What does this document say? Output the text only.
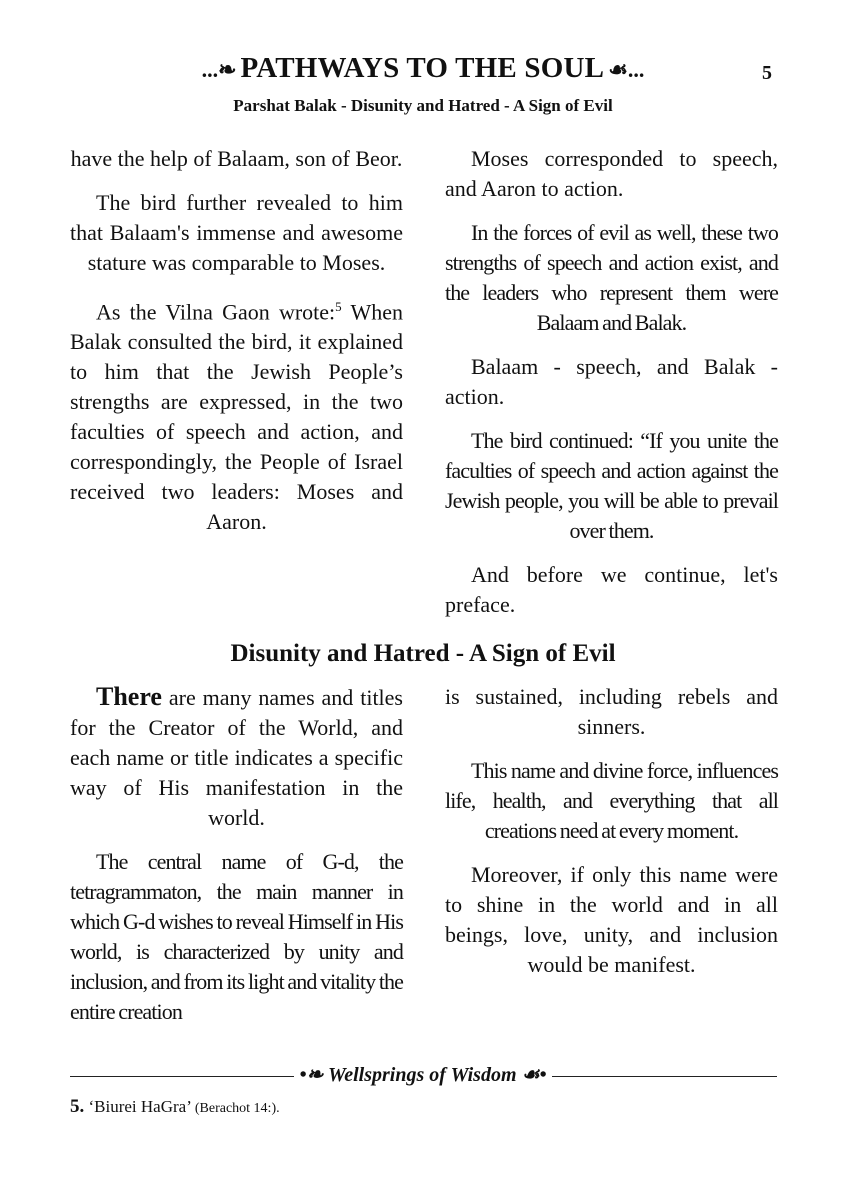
...❧ PATHWAYS TO THE SOUL ☙...	5
Parshat Balak - Disunity and Hatred - A Sign of Evil

have the help of Balaam, son of Beor.

The bird further revealed to him that Balaam's immense and awesome stature was comparable to Moses.

As the Vilna Gaon wrote:$^5$ When Balak consulted the bird, it explained to him that the Jewish People’s strengths are expressed, in the two faculties of speech and action, and correspondingly, the People of Israel received two leaders: Moses and Aaron.

Moses corresponded to speech, and Aaron to action.

In the forces of evil as well, these two strengths of speech and action exist, and the leaders who represent them were Balaam and Balak.

Balaam - speech, and Balak - action.

The bird continued: “If you unite the faculties of speech and action against the Jewish people, you will be able to prevail over them.

And before we continue, let's preface.

Disunity and Hatred - A Sign of Evil

There are many names and titles for the Creator of the World, and each name or title indicates a specific way of His manifestation in the world.

The central name of G-d, the tetragrammaton, the main manner in which G-d wishes to reveal Himself in His world, is characterized by unity and inclusion, and from its light and vitality the entire creation

is sustained, including rebels and sinners.

This name and divine force, influences life, health, and everything that all creations need at every moment.

Moreover, if only this name were to shine in the world and in all beings, love, unity, and inclusion would be manifest.

•❧ Wellsprings of Wisdom ☙•
5. ‘Biurei HaGra’ (Berachot 14:).
